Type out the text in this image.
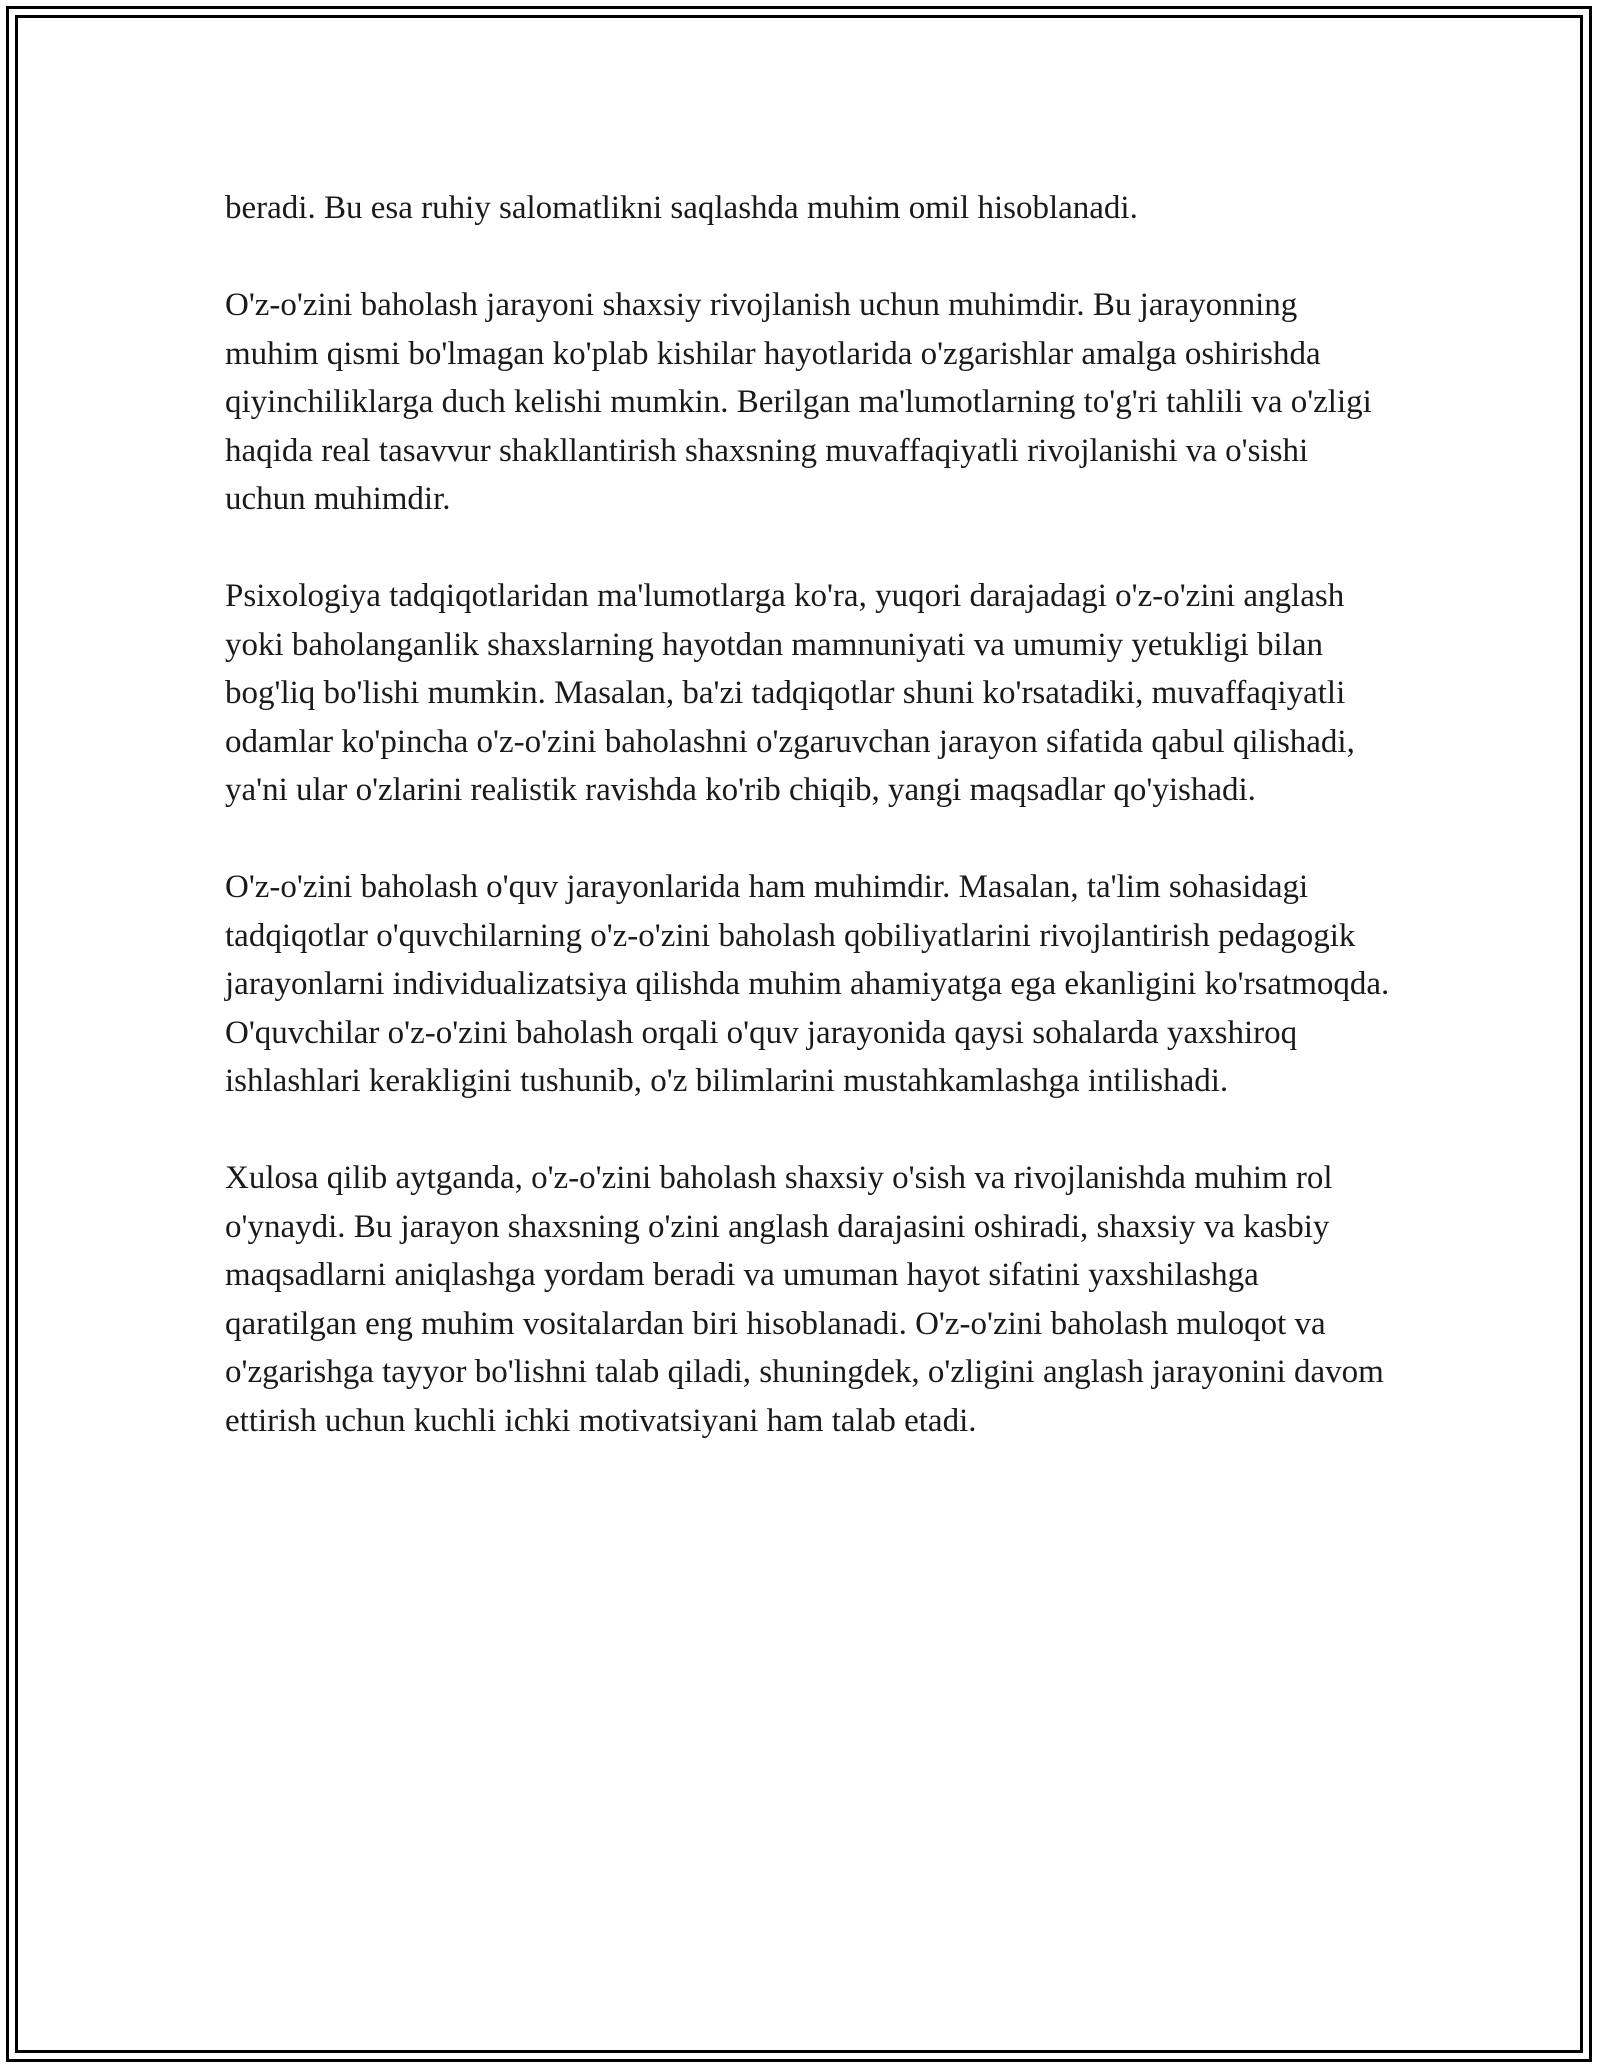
beradi. Bu esa ruhiy salomatlikni saqlashda muhim omil hisoblanadi.

O'z-o'zini baholash jarayoni shaxsiy rivojlanish uchun muhimdir. Bu jarayonning muhim qismi bo'lmagan ko'plab kishilar hayotlarida o'zgarishlar amalga oshirishda qiyinchiliklarga duch kelishi mumkin. Berilgan ma'lumotlarning to'g'ri tahlili va o'zligi haqida real tasavvur shakllantirish shaxsning muvaffaqiyatli rivojlanishi va o'sishi uchun muhimdir.

Psixologiya tadqiqotlaridan ma'lumotlarga ko'ra, yuqori darajadagi o'z-o'zini anglash yoki baholanganlik shaxslarning hayotdan mamnuniyati va umumiy yetukligi bilan bog'liq bo'lishi mumkin. Masalan, ba'zi tadqiqotlar shuni ko'rsatadiki, muvaffaqiyatli odamlar ko'pincha o'z-o'zini baholashni o'zgaruvchan jarayon sifatida qabul qilishadi, ya'ni ular o'zlarini realistik ravishda ko'rib chiqib, yangi maqsadlar qo'yishadi.

O'z-o'zini baholash o'quv jarayonlarida ham muhimdir. Masalan, ta'lim sohasidagi tadqiqotlar o'quvchilarning o'z-o'zini baholash qobiliyatlarini rivojlantirish pedagogik jarayonlarni individualizatsiya qilishda muhim ahamiyatga ega ekanligini ko'rsatmoqda. O'quvchilar o'z-o'zini baholash orqali o'quv jarayonida qaysi sohalarda yaxshiroq ishlashlari kerakligini tushunib, o'z bilimlarini mustahkamlashga intilishadi.

Xulosa qilib aytganda, o'z-o'zini baholash shaxsiy o'sish va rivojlanishda muhim rol o'ynaydi. Bu jarayon shaxsning o'zini anglash darajasini oshiradi, shaxsiy va kasbiy maqsadlarni aniqlashga yordam beradi va umuman hayot sifatini yaxshilashga qaratilgan eng muhim vositalardan biri hisoblanadi. O'z-o'zini baholash muloqot va o'zgarishga tayyor bo'lishni talab qiladi, shuningdek, o'zligini anglash jarayonini davom ettirish uchun kuchli ichki motivatsiyani ham talab etadi.
